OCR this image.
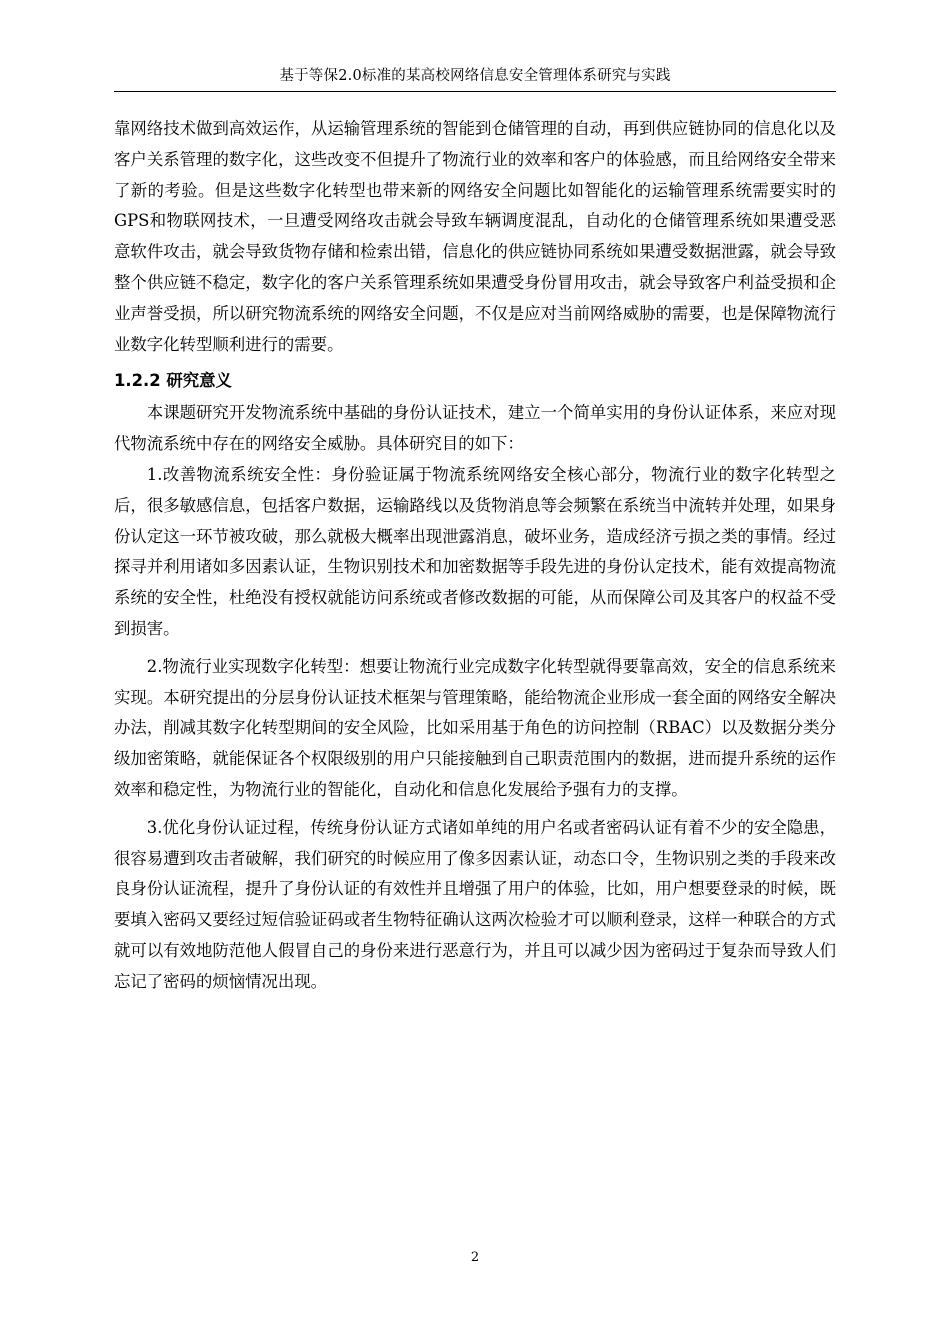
基于等保2.0标准的某高校网络信息安全管理体系研究与实践

靠网络技术做到高效运作，从运输管理系统的智能到仓储管理的自动，再到供应链协同的信息化以及客户关系管理的数字化，这些改变不但提升了物流行业的效率和客户的体验感，而且给网络安全带来了新的考验。但是这些数字化转型也带来新的网络安全问题比如智能化的运输管理系统需要实时的GPS和物联网技术，一旦遭受网络攻击就会导致车辆调度混乱，自动化的仓储管理系统如果遭受恶意软件攻击，就会导致货物存储和检索出错，信息化的供应链协同系统如果遭受数据泄露，就会导致整个供应链不稳定，数字化的客户关系管理系统如果遭受身份冒用攻击，就会导致客户利益受损和企业声誉受损，所以研究物流系统的网络安全问题，不仅是应对当前网络威胁的需要，也是保障物流行业数字化转型顺利进行的需要。

1.2.2 研究意义

本课题研究开发物流系统中基础的身份认证技术，建立一个简单实用的身份认证体系，来应对现代物流系统中存在的网络安全威胁。具体研究目的如下：

1.改善物流系统安全性：身份验证属于物流系统网络安全核心部分，物流行业的数字化转型之后，很多敏感信息，包括客户数据，运输路线以及货物消息等会频繁在系统当中流转并处理，如果身份认定这一环节被攻破，那么就极大概率出现泄露消息，破坏业务，造成经济亏损之类的事情。经过探寻并利用诸如多因素认证，生物识别技术和加密数据等手段先进的身份认定技术，能有效提高物流系统的安全性，杜绝没有授权就能访问系统或者修改数据的可能，从而保障公司及其客户的权益不受到损害。

2.物流行业实现数字化转型：想要让物流行业完成数字化转型就得要靠高效，安全的信息系统来实现。本研究提出的分层身份认证技术框架与管理策略，能给物流企业形成一套全面的网络安全解决办法，削减其数字化转型期间的安全风险，比如采用基于角色的访问控制（RBAC）以及数据分类分级加密策略，就能保证各个权限级别的用户只能接触到自己职责范围内的数据，进而提升系统的运作效率和稳定性，为物流行业的智能化，自动化和信息化发展给予强有力的支撑。

3.优化身份认证过程，传统身份认证方式诸如单纯的用户名或者密码认证有着不少的安全隐患，很容易遭到攻击者破解，我们研究的时候应用了像多因素认证，动态口令，生物识别之类的手段来改良身份认证流程，提升了身份认证的有效性并且增强了用户的体验，比如，用户想要登录的时候，既要填入密码又要经过短信验证码或者生物特征确认这两次检验才可以顺利登录，这样一种联合的方式就可以有效地防范他人假冒自己的身份来进行恶意行为，并且可以减少因为密码过于复杂而导致人们忘记了密码的烦恼情况出现。

2
